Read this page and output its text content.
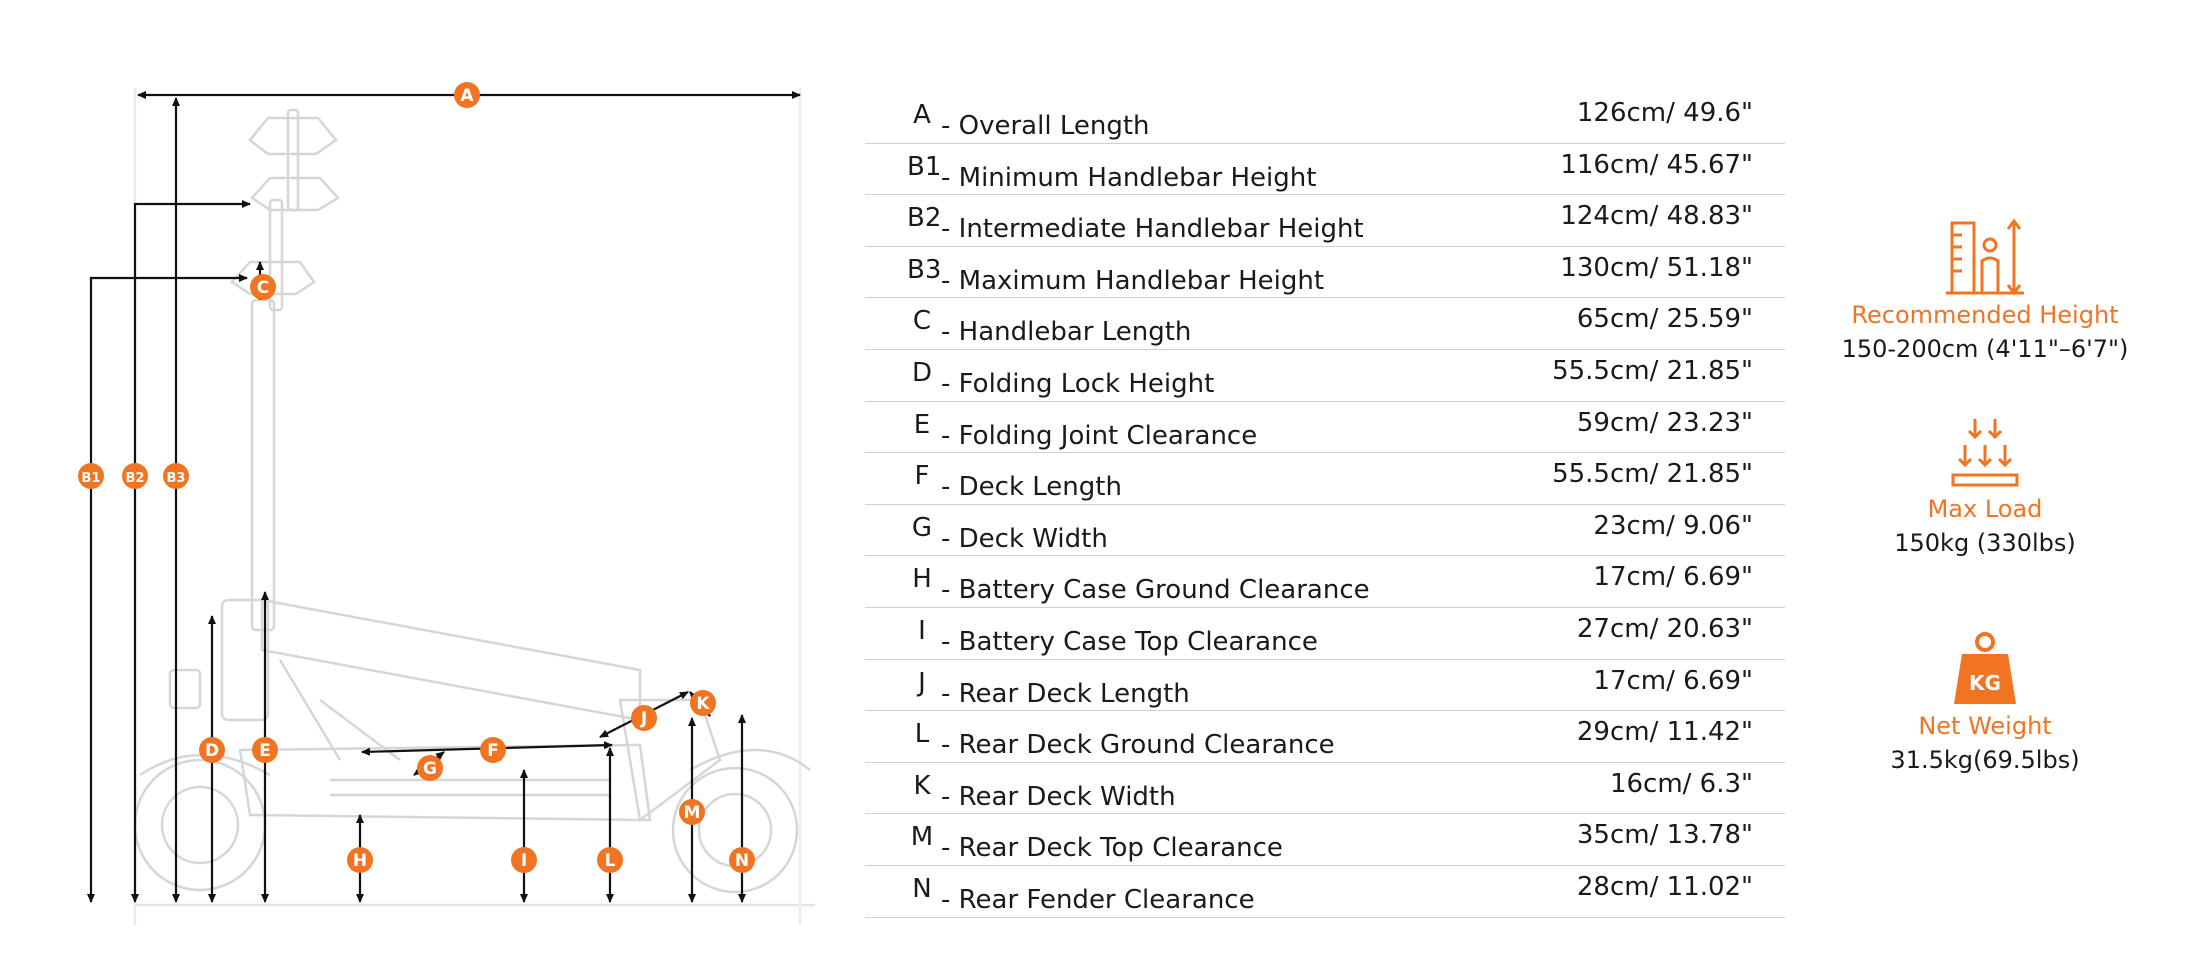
A
B1 B2 B3
C
D E	F
G
H	I
J
K
L
M
N
A - Overall Length	126cm/ 49.6"
B1 - Minimum Handlebar Height	116cm/ 45.67"
B2 - Intermediate Handlebar Height	124cm/ 48.83"
B3 - Maximum Handlebar Height	130cm/ 51.18"
C - Handlebar Length	65cm/ 25.59"
D - Folding Lock Height	55.5cm/ 21.85"
E - Folding Joint Clearance	59cm/ 23.23"
F - Deck Length	55.5cm/ 21.85"
G - Deck Width	23cm/ 9.06"
H - Battery Case Ground Clearance	17cm/ 6.69"
I - Battery Case Top Clearance	27cm/ 20.63"
J - Rear Deck Length	17cm/ 6.69"
L - Rear Deck Ground Clearance	29cm/ 11.42"
K - Rear Deck Width	16cm/ 6.3"
M - Rear Deck Top Clearance	35cm/ 13.78"
N - Rear Fender Clearance	28cm/ 11.02"
Recommended Height
150-200cm (4'11"–6'7")
Max Load
150kg (330lbs)
KG
Net Weight
31.5kg(69.5lbs)
